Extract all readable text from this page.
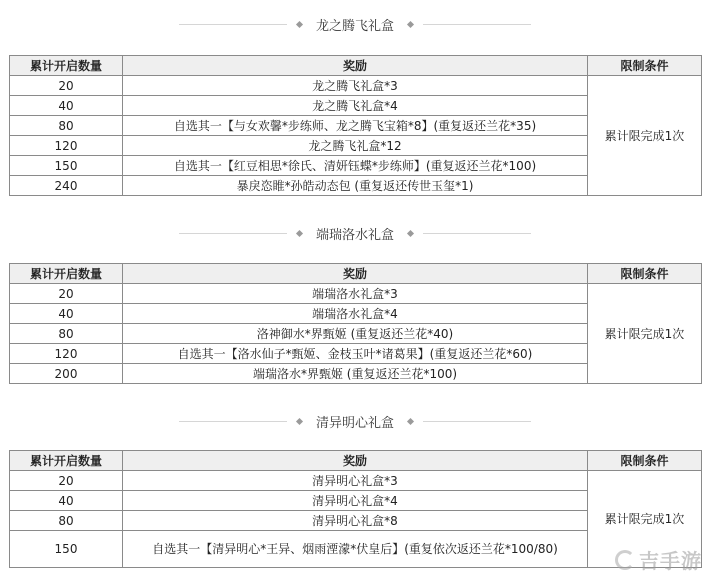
龙之腾飞礼盒
累计开启数量	奖励	限制条件
20	龙之腾飞礼盒*3	累计限完成1次
40	龙之腾飞礼盒*4	
80	自选其一【与女欢馨*步练师、龙之腾飞宝箱*8】(重复返还兰花*35)	
120	龙之腾飞礼盒*12	
150	自选其一【红豆相思*徐氏、清妍钰蝶*步练师】(重复返还兰花*100)	
240	暴戾恣睢*孙皓动态包 (重复返还传世玉玺*1)	
端瑞洛水礼盒
累计开启数量	奖励	限制条件
20	端瑞洛水礼盒*3	累计限完成1次
40	端瑞洛水礼盒*4	
80	洛神御水*界甄姬 (重复返还兰花*40)	
120	自选其一【洛水仙子*甄姬、金枝玉叶*诸葛果】(重复返还兰花*60)	
200	端瑞洛水*界甄姬 (重复返还兰花*100)	
清异明心礼盒
累计开启数量	奖励	限制条件
20	清异明心礼盒*3	累计限完成1次
40	清异明心礼盒*4	
80	清异明心礼盒*8	
150	自选其一【清异明心*王异、烟雨湮濛*伏皇后】(重复依次返还兰花*100/80)		吉手游
